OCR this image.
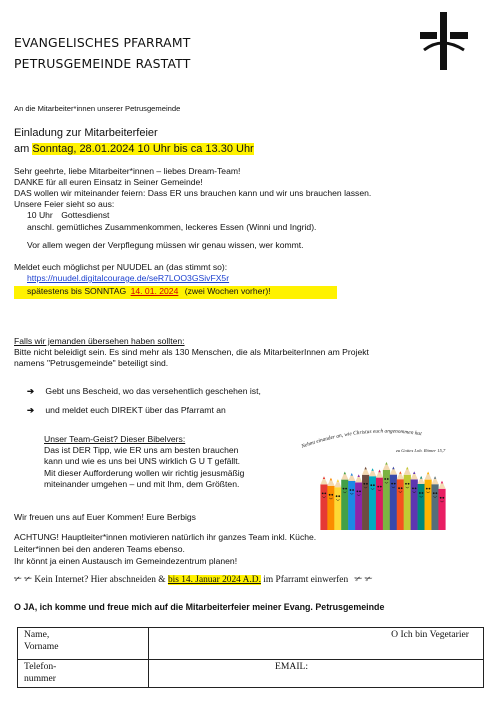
EVANGELISCHES PFARRAMT
PETRUSGEMEINDE RASTATT
An die Mitarbeiter*innen unserer Petrusgemeinde
Einladung zur Mitarbeiterfeier
am Sonntag, 28.01.2024 10 Uhr bis ca 13.30 Uhr
Sehr geehrte, liebe Mitarbeiter*innen – liebes Dream-Team!
DANKE für all euren Einsatz in Seiner Gemeinde!
DAS wollen wir miteinander feiern: Dass ER uns brauchen kann und wir uns brauchen lassen.
Unsere Feier sieht so aus:
10 Uhr Gottesdienst
anschl. gemütliches Zusammenkommen, leckeres Essen (Winni und Ingrid).
Vor allem wegen der Verpflegung müssen wir genau wissen, wer kommt.
Meldet euch möglichst per NUUDEL an (das stimmt so):
https://nuudel.digitalcourage.de/seR7LOO3GSivFX5r
spätestens bis SONNTAG 14. 01. 2024 (zwei Wochen vorher)!
Falls wir jemanden übersehen haben sollten:
Bitte nicht beleidigt sein. Es sind mehr als 130 Menschen, die als MitarbeiterInnen am Projekt
namens "Petrusgemeinde" beteiligt sind.
➔ Gebt uns Bescheid, wo das versehentlich geschehen ist,
➔ und meldet euch DIREKT über das Pfarramt an
Unser Team-Geist? Dieser Bibelvers:
Das ist DER Tipp, wie ER uns am besten brauchen
kann und wie es uns bei UNS wirklich G U T gefällt.
Mit dieser Aufforderung wollen wir richtig jesusmäßig
miteinander umgehen – und mit Ihm, dem Größten.
Nehmt einander an, wie Christus euch angenommen hat
zu Gottes Lob. Römer 15,7
Wir freuen uns auf Euer Kommen! Eure Berbigs
ACHTUNG! Hauptleiter*innen motivieren natürlich ihr ganzes Team inkl. Küche.
Leiter*innen bei den anderen Teams ebenso.
Ihr könnt ja einen Austausch im Gemeindezentrum planen!
✃ ✃ Kein Internet? Hier abschneiden & bis 14. Januar 2024 A.D. im Pfarramt einwerfen ✃ ✃
O JA, ich komme und freue mich auf die Mitarbeiterfeier meiner Evang. Petrusgemeinde
Name,
Vorname	O Ich bin Vegetarier

Telefon-
nummer	EMAIL:
